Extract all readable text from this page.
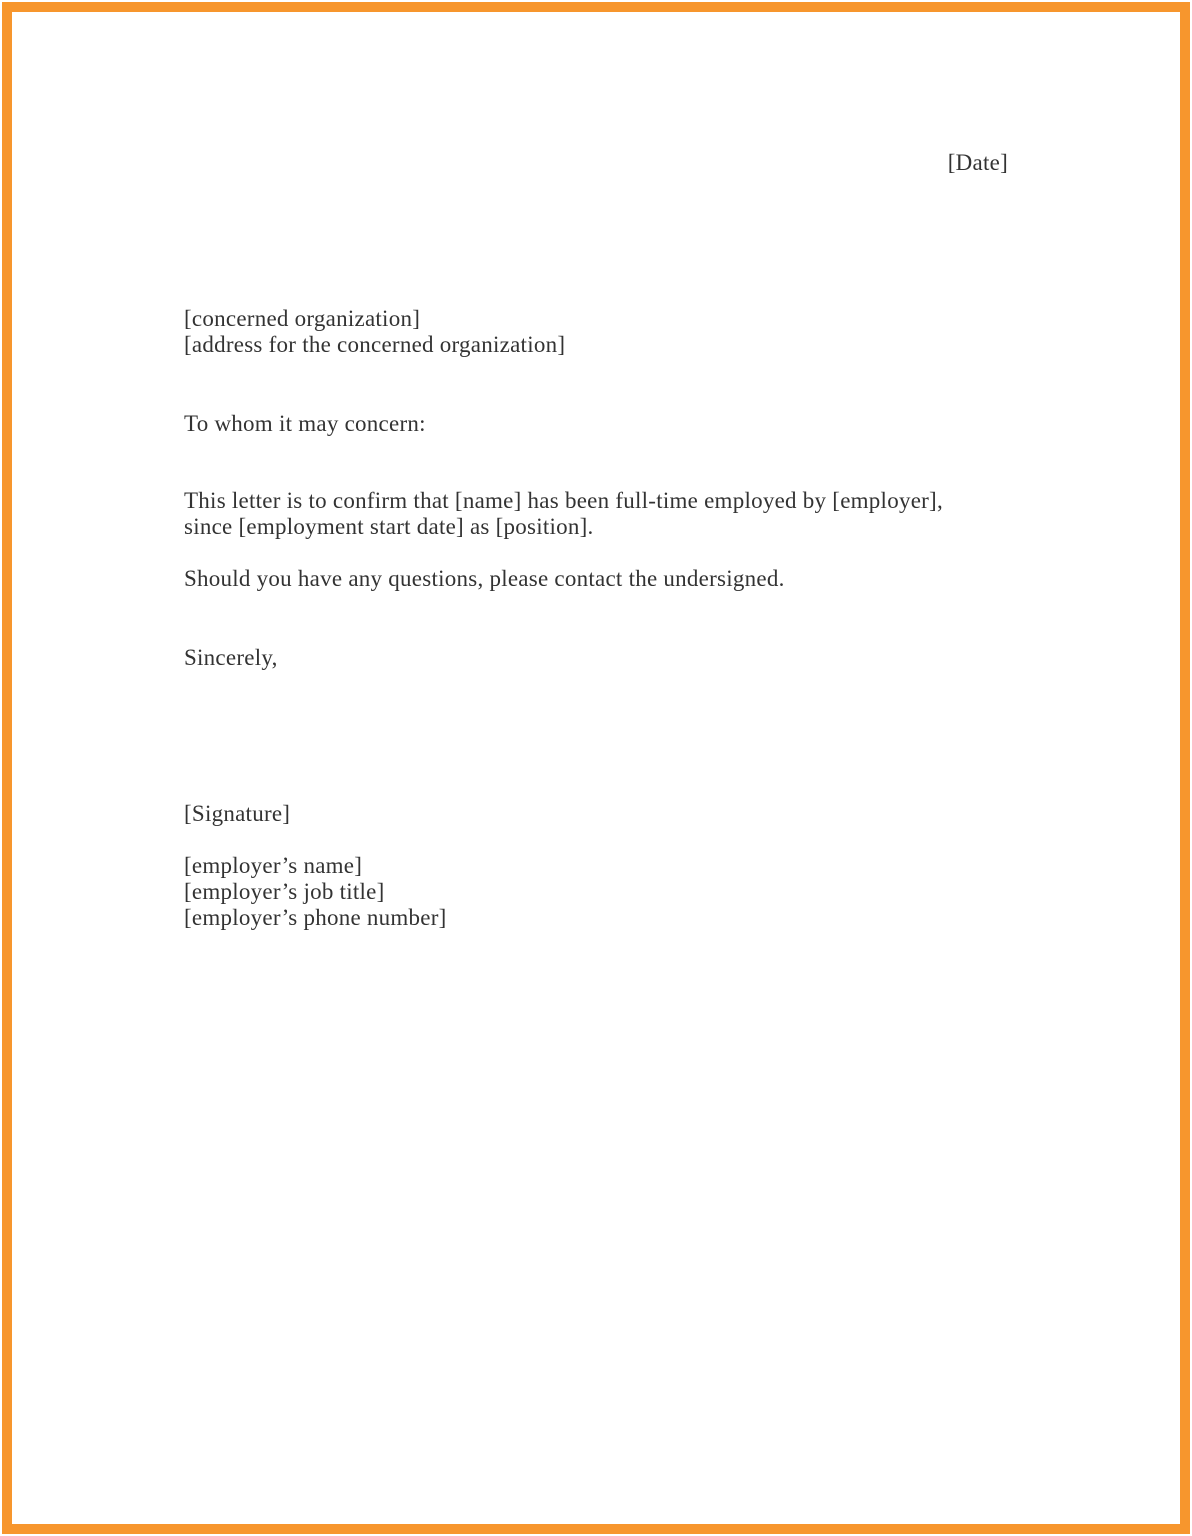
[Date]
[concerned organization]
[address for the concerned organization]
To whom it may concern:
This letter is to confirm that [name] has been full-time employed by [employer],
since [employment start date] as [position].
Should you have any questions, please contact the undersigned.
Sincerely,
[Signature]
[employer’s name]
[employer’s job title]
[employer’s phone number]
